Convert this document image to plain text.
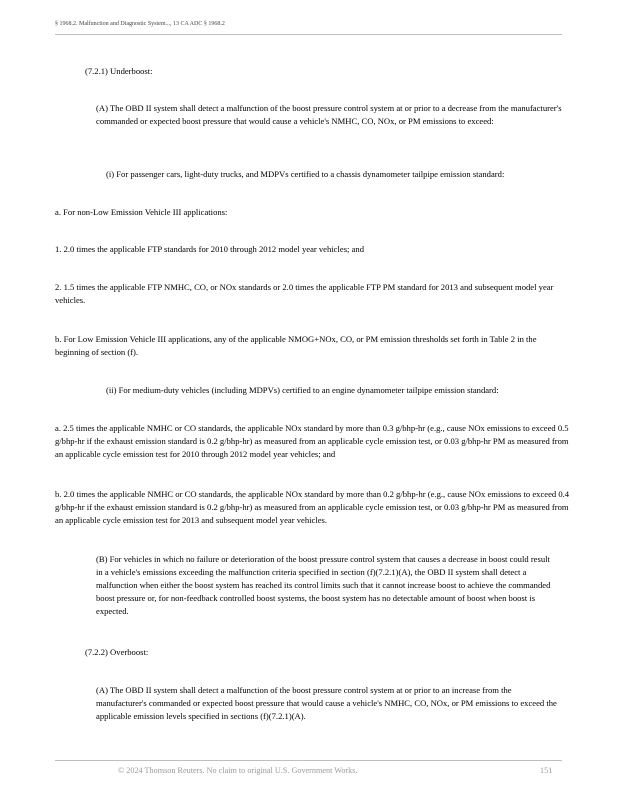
§ 1968.2. Malfunction and Diagnostic System..., 13 CA ADC § 1968.2

(7.2.1) Underboost:

(A) The OBD II system shall detect a malfunction of the boost pressure control system at or prior to a decrease from the manufacturer's commanded or expected boost pressure that would cause a vehicle's NMHC, CO, NOx, or PM emissions to exceed:

(i) For passenger cars, light-duty trucks, and MDPVs certified to a chassis dynamometer tailpipe emission standard:

a. For non-Low Emission Vehicle III applications:

1. 2.0 times the applicable FTP standards for 2010 through 2012 model year vehicles; and

2. 1.5 times the applicable FTP NMHC, CO, or NOx standards or 2.0 times the applicable FTP PM standard for 2013 and subsequent model year vehicles.

b. For Low Emission Vehicle III applications, any of the applicable NMOG+NOx, CO, or PM emission thresholds set forth in Table 2 in the beginning of section (f).

(ii) For medium-duty vehicles (including MDPVs) certified to an engine dynamometer tailpipe emission standard:

a. 2.5 times the applicable NMHC or CO standards, the applicable NOx standard by more than 0.3 g/bhp-hr (e.g., cause NOx emissions to exceed 0.5 g/bhp-hr if the exhaust emission standard is 0.2 g/bhp-hr) as measured from an applicable cycle emission test, or 0.03 g/bhp-hr PM as measured from an applicable cycle emission test for 2010 through 2012 model year vehicles; and

b. 2.0 times the applicable NMHC or CO standards, the applicable NOx standard by more than 0.2 g/bhp-hr (e.g., cause NOx emissions to exceed 0.4 g/bhp-hr if the exhaust emission standard is 0.2 g/bhp-hr) as measured from an applicable cycle emission test, or 0.03 g/bhp-hr PM as measured from an applicable cycle emission test for 2013 and subsequent model year vehicles.

(B) For vehicles in which no failure or deterioration of the boost pressure control system that causes a decrease in boost could result in a vehicle's emissions exceeding the malfunction criteria specified in section (f)(7.2.1)(A), the OBD II system shall detect a malfunction when either the boost system has reached its control limits such that it cannot increase boost to achieve the commanded boost pressure or, for non-feedback controlled boost systems, the boost system has no detectable amount of boost when boost is expected.

(7.2.2) Overboost:

(A) The OBD II system shall detect a malfunction of the boost pressure control system at or prior to an increase from the manufacturer's commanded or expected boost pressure that would cause a vehicle's NMHC, CO, NOx, or PM emissions to exceed the applicable emission levels specified in sections (f)(7.2.1)(A).

© 2024 Thomson Reuters. No claim to original U.S. Government Works.	151
